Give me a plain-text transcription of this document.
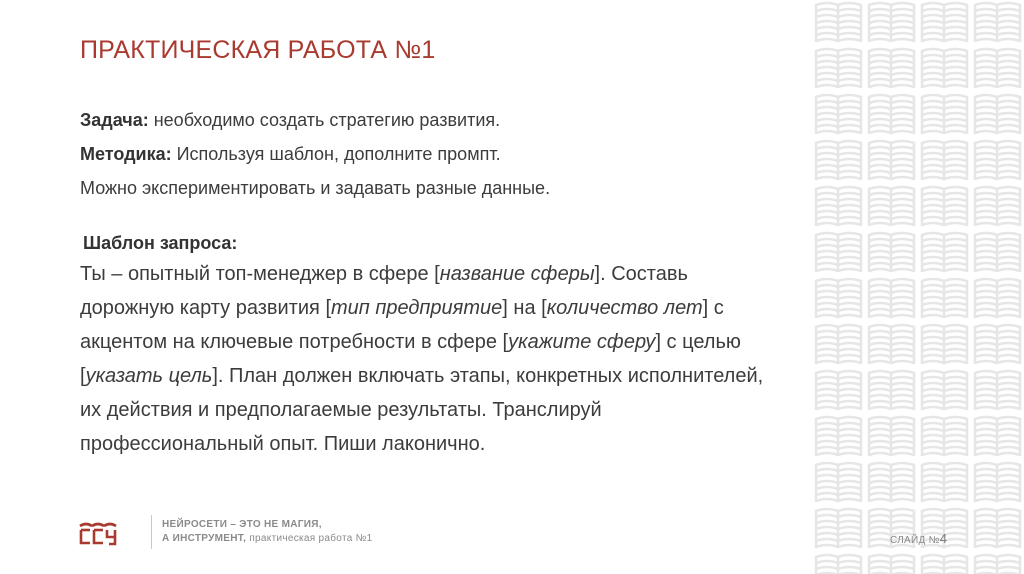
ПРАКТИЧЕСКАЯ РАБОТА №1

Задача: необходимо создать стратегию развития.

Методика: Используя шаблон, дополните промпт.

Можно экспериментировать и задавать разные данные.

Шаблон запроса:
Ты – опытный топ-менеджер в сфере [название сферы]. Составь дорожную карту развития [тип предприятие] на [количество лет] с акцентом на ключевые потребности в сфере [укажите сферу] с целью [указать цель]. План должен включать этапы, конкретных исполнителей, их действия и предполагаемые результаты. Транслируй профессиональный опыт. Пиши лаконично.
НЕЙРОСЕТИ – ЭТО НЕ МАГИЯ,
А ИНСТРУМЕНТ, практическая работа №1	СЛАЙД №4
